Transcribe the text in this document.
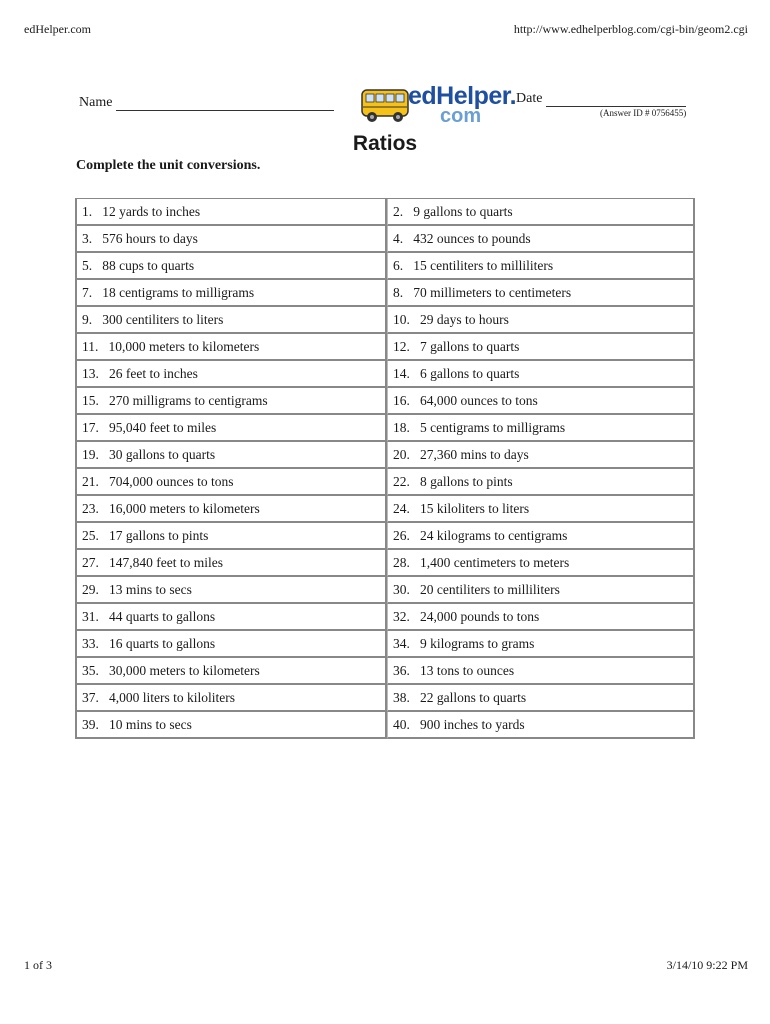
edHelper.com	http://www.edhelperblog.com/cgi-bin/geom2.cgi
Name	edHelper.
com
Date
(Answer ID # 0756455)
Ratios
Complete the unit conversions.
1.   12 yards to inches	2.   9 gallons to quarts
3.   576 hours to days	4.   432 ounces to pounds
5.   88 cups to quarts	6.   15 centiliters to milliliters
7.   18 centigrams to milligrams	8.   70 millimeters to centimeters
9.   300 centiliters to liters	10.   29 days to hours
11.   10,000 meters to kilometers	12.   7 gallons to quarts
13.   26 feet to inches	14.   6 gallons to quarts
15.   270 milligrams to centigrams	16.   64,000 ounces to tons
17.   95,040 feet to miles	18.   5 centigrams to milligrams
19.   30 gallons to quarts	20.   27,360 mins to days
21.   704,000 ounces to tons	22.   8 gallons to pints
23.   16,000 meters to kilometers	24.   15 kiloliters to liters
25.   17 gallons to pints	26.   24 kilograms to centigrams
27.   147,840 feet to miles	28.   1,400 centimeters to meters
29.   13 mins to secs	30.   20 centiliters to milliliters
31.   44 quarts to gallons	32.   24,000 pounds to tons
33.   16 quarts to gallons	34.   9 kilograms to grams
35.   30,000 meters to kilometers	36.   13 tons to ounces
37.   4,000 liters to kiloliters	38.   22 gallons to quarts
39.   10 mins to secs	40.   900 inches to yards
1 of 3	3/14/10 9:22 PM
